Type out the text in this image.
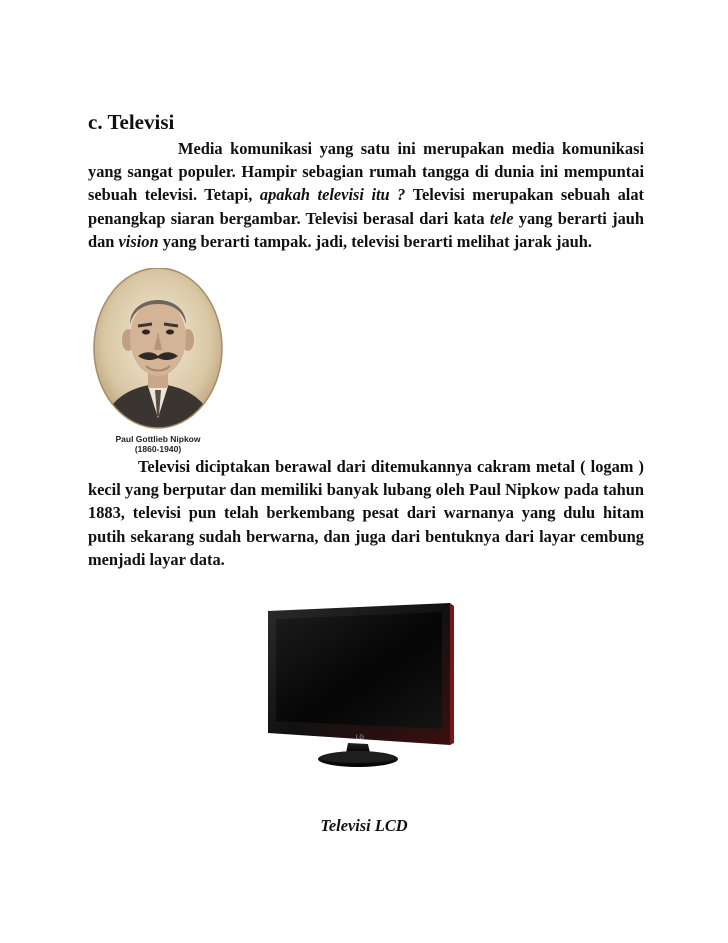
c. Televisi

Media komunikasi yang satu ini merupakan media komunikasi yang sangat populer. Hampir sebagian rumah tangga di dunia ini mempuntai sebuah televisi. Tetapi, apakah televisi itu ? Televisi merupakan sebuah alat penangkap siaran bergambar. Televisi berasal dari kata tele yang berarti jauh dan vision yang berarti tampak. jadi, televisi berarti melihat jarak jauh.

Paul Gottlieb Nipkow
(1860-1940)

Televisi diciptakan berawal dari ditemukannya cakram metal ( logam ) kecil yang berputar dan memiliki banyak lubang oleh Paul Nipkow pada tahun 1883, televisi pun telah berkembang pesat dari warnanya yang dulu hitam putih sekarang sudah berwarna, dan juga dari bentuknya dari layar cembung menjadi layar data.

LG

Televisi LCD
